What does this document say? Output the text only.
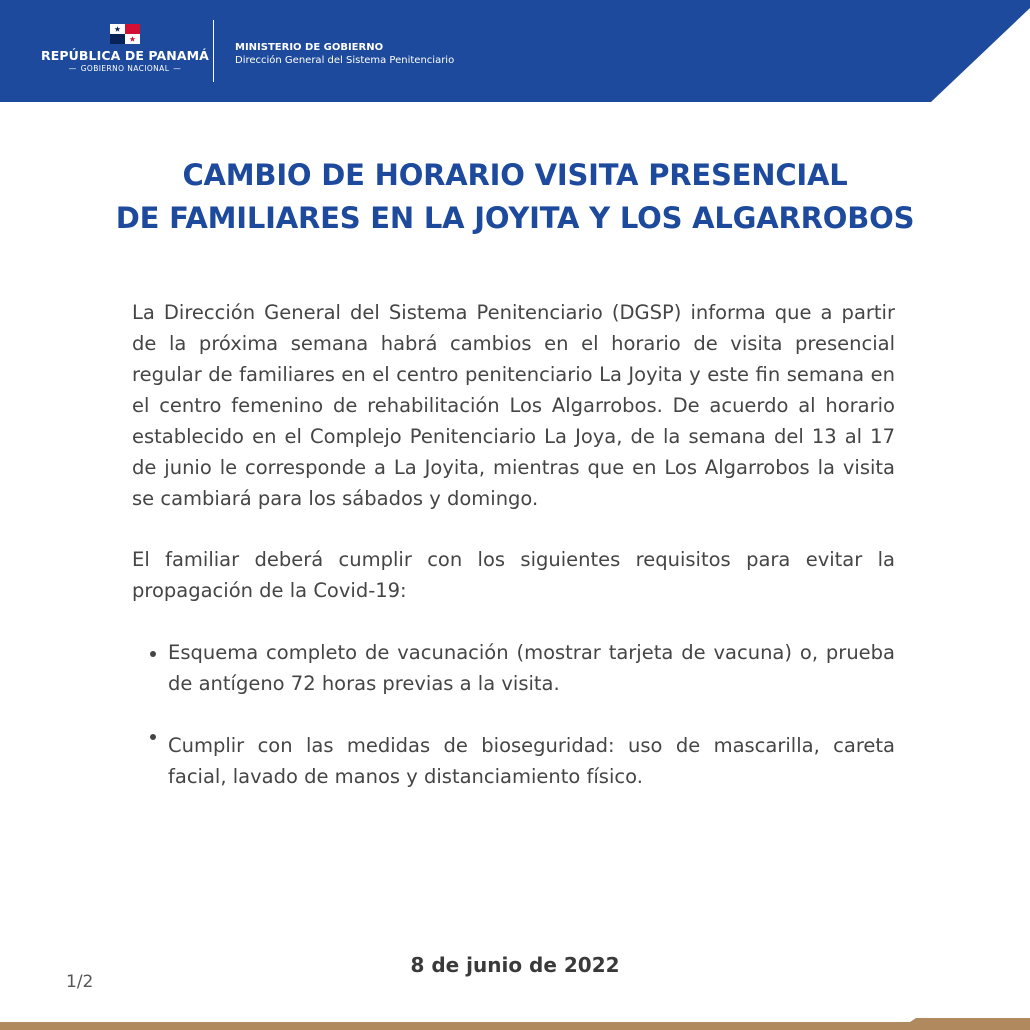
REPÚBLICA DE PANAMÁ
— GOBIERNO NACIONAL —
MINISTERIO DE GOBIERNO
Dirección General del Sistema Penitenciario
CAMBIO DE HORARIO VISITA PRESENCIAL
DE FAMILIARES EN LA JOYITA Y LOS ALGARROBOS

La Dirección General del Sistema Penitenciario (DGSP) informa que a partir de la próxima semana habrá cambios en el horario de visita presencial regular de familiares en el centro penitenciario La Joyita y este fin semana en el centro femenino de rehabilitación Los Algarrobos. De acuerdo al horario establecido en el Complejo Penitenciario La Joya, de la semana del 13 al 17 de junio le corresponde a La Joyita, mientras que en Los Algarrobos la visita se cambiará para los sábados y domingo.

El familiar deberá cumplir con los siguientes requisitos para evitar la propagación de la Covid-19:

Esquema completo de vacunación (mostrar tarjeta de vacuna) o, prueba de antígeno 72 horas previas a la visita.
Cumplir con las medidas de bioseguridad: uso de mascarilla, careta facial, lavado de manos y distanciamiento físico.
8 de junio de 2022
1/2
